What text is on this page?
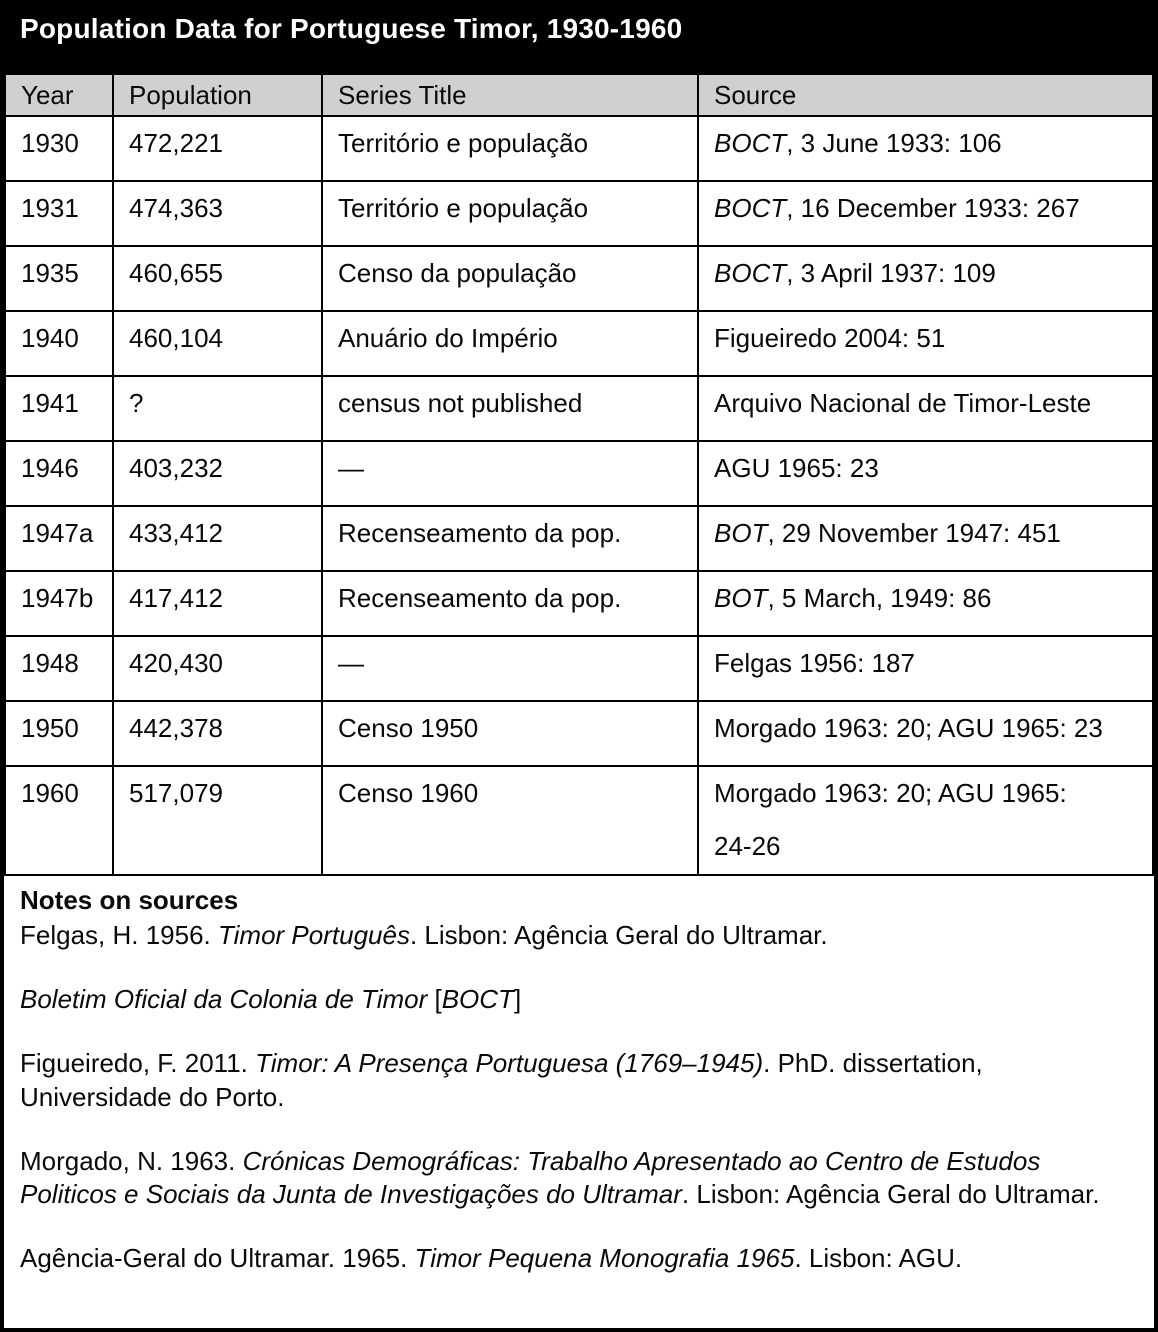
Population Data for Portuguese Timor, 1930-1960
Year	Population	Series Title	Source
1930	472,221	Território e população	BOCT, 3 June 1933: 106
1931	474,363	Território e população	BOCT, 16 December 1933: 267
1935	460,655	Censo da população	BOCT, 3 April 1937: 109
1940	460,104	Anuário do Império	Figueiredo 2004: 51
1941	?	census not published	Arquivo Nacional de Timor-Leste
1946	403,232	—	AGU 1965: 23
1947a	433,412	Recenseamento da pop.	BOT, 29 November 1947: 451
1947b	417,412	Recenseamento da pop.	BOT, 5 March, 1949: 86
1948	420,430	—	Felgas 1956: 187
1950	442,378	Censo 1950	Morgado 1963: 20; AGU 1965: 23
1960	517,079	Censo 1960	Morgado 1963: 20; AGU 1965:
24-26
Notes on sources

Felgas, H. 1956. Timor Português. Lisbon: Agência Geral do Ultramar.

Boletim Oficial da Colonia de Timor [BOCT]

Figueiredo, F. 2011. Timor: A Presença Portuguesa (1769–1945). PhD. dissertation, Universidade do Porto.

Morgado, N. 1963. Crónicas Demográficas: Trabalho Apresentado ao Centro de Estudos Politicos e Sociais da Junta de Investigações do Ultramar. Lisbon: Agência Geral do Ultramar.

Agência-Geral do Ultramar. 1965. Timor Pequena Monografia 1965. Lisbon: AGU.
